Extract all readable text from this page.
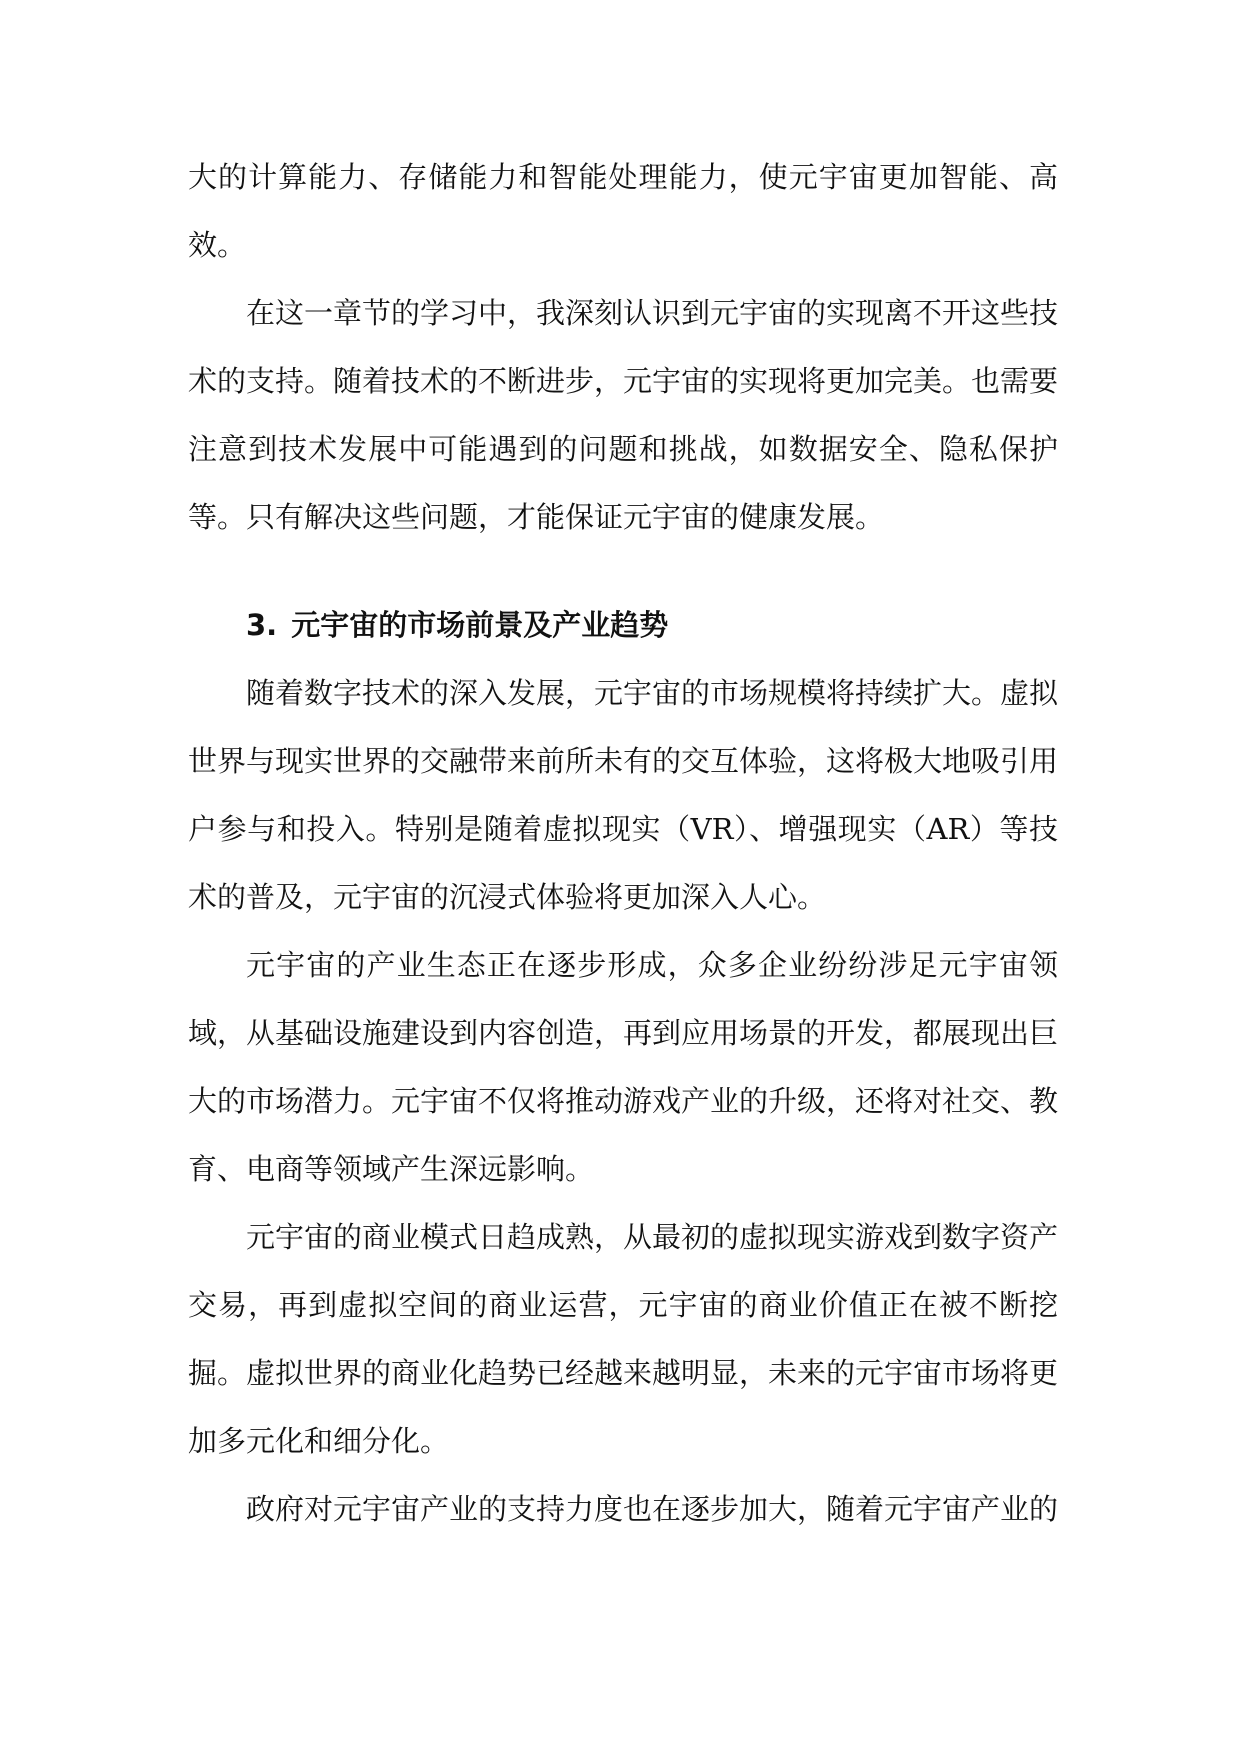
大的计算能力、存储能力和智能处理能力，使元宇宙更加智能、高效。

在这一章节的学习中，我深刻认识到元宇宙的实现离不开这些技术的支持。随着技术的不断进步，元宇宙的实现将更加完美。也需要注意到技术发展中可能遇到的问题和挑战，如数据安全、隐私保护等。只有解决这些问题，才能保证元宇宙的健康发展。

3. 元宇宙的市场前景及产业趋势

随着数字技术的深入发展，元宇宙的市场规模将持续扩大。虚拟世界与现实世界的交融带来前所未有的交互体验，这将极大地吸引用户参与和投入。特别是随着虚拟现实（VR）、增强现实（AR）等技术的普及，元宇宙的沉浸式体验将更加深入人心。

元宇宙的产业生态正在逐步形成，众多企业纷纷涉足元宇宙领域，从基础设施建设到内容创造，再到应用场景的开发，都展现出巨大的市场潜力。元宇宙不仅将推动游戏产业的升级，还将对社交、教育、电商等领域产生深远影响。

元宇宙的商业模式日趋成熟，从最初的虚拟现实游戏到数字资产交易，再到虚拟空间的商业运营，元宇宙的商业价值正在被不断挖掘。虚拟世界的商业化趋势已经越来越明显，未来的元宇宙市场将更加多元化和细分化。

政府对元宇宙产业的支持力度也在逐步加大，随着元宇宙产业的
